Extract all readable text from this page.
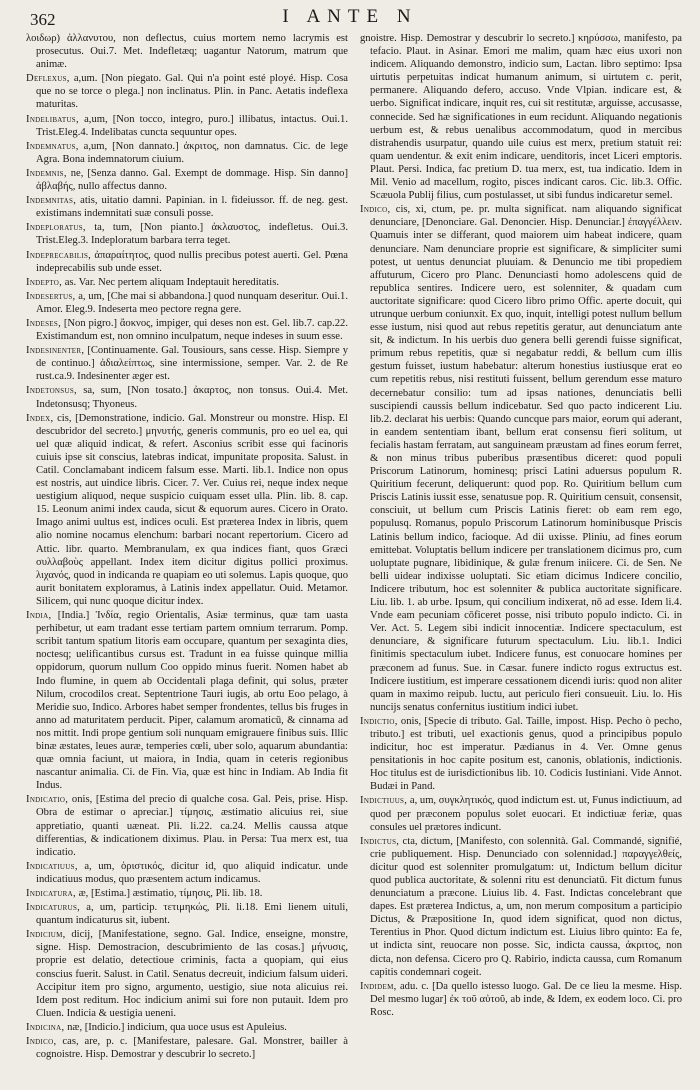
362	I ANTE N

λοιδωρ) ἀλλανυτου, non deflectus, cuius mortem nemo lacrymis est prosecutus. Oui.7. Met. Indefletæq; uagantur Natorum, matrum que animæ.

Deflexus, a,um. [Non piegato. Gal. Qui n'a point esté ployé. Hisp. Cosa que no se torce o plega.] non inclinatus. Plin. in Panc. Aetatis indeflexa maturitas.

Indelibatus, a,um, [Non tocco, integro, puro.] illibatus, intactus. Oui.1. Trist.Eleg.4. Indelibatas cuncta sequuntur opes.

Indemnatus, a,um, [Non dannato.] ἀκριτος, non damnatus. Cic. de lege Agra. Bona indemnatorum ciuium.

Indemnis, ne, [Senza danno. Gal. Exempt de dommage. Hisp. Sin danno] ἀβλαβής, nullo affectus danno.

Indemnitas, atis, uitatio damni. Papinian. in l. fideiussor. ff. de neg. gest. existimans indemnitati suæ consuli posse.

Indeploratus, ta, tum, [Non pianto.] ἀκλαυστος, indefletus. Oui.3. Trist.Eleg.3. Indeploratum barbara terra teget.

Indeprecabilis, ἀπαραίτητος, quod nullis precibus potest auerti. Gel. Pœna indeprecabilis sub unde esset.

Indepto, as. Var. Nec pertem aliquam Indeptauit hereditatis.

Indesertus, a, um, [Che mai si abbandona.] quod nunquam deseritur. Oui.1. Amor. Eleg.9. Indeserta meo pectore regna gere.

Indeses, [Non pigro.] ἄοκνος, impiger, qui deses non est. Gel. lib.7. cap.22. Existimandum est, non omnino inculpatum, neque indeses in suum esse.

Indesinenter, [Continuamente. Gal. Tousiours, sans cesse. Hisp. Siempre y de continuo.] ἀδιαλείπτως, sine intermissione, semper. Var. 2. de Re rust.ca.9. Indesinenter æger est.

Indetonsus, sa, sum, [Non tosato.] ἀκαρτος, non tonsus. Oui.4. Met. Indetonsusq; Thyoneus.

Index, cis, [Demonstratione, indicio. Gal. Monstreur ou monstre. Hisp. El descubridor del secreto.] μηνυτής, generis communis, pro eo uel ea, qui uel quæ aliquid indicat, & refert. Asconius scribit esse qui facinoris cuiuis ipse sit conscius, latebras indicat, impunitate proposita. Salust. in Catil. Conclamabant indicem falsum esse. Marti. lib.1. Indice non opus est nostris, aut uindice libris. Cicer. 7. Ver. Cuius rei, neque index neque uestigium aliquod, neque suspicio cuiquam esset ulla. Plin. lib. 8. cap. 15. Leonum animi index cauda, sicut & equorum aures. Cicero in Orato. Imago animi uultus est, indices oculi. Est præterea Index in libris, quem alio nomine nocamus elenchum: barbari nocant repertorium. Cicero ad Attic. libr. quarto. Membranulam, ex qua indices fiant, quos Græci συλλαβοὺς appellant. Index item dicitur digitus pollici proximus. λιχανός, quod in indicanda re quapiam eo uti solemus. Lapis quoque, quo aurit bonitatem exploramus, à Latinis index appellatur. Ouid. Metamor. Silicem, qui nunc quoque dicitur index.

India, [India.] Ἰνδία, regio Orientalis, Asiæ terminus, quæ tam uasta perhibetur, ut eam tradant esse tertiam partem omnium terrarum. Pomp. scribit tantum spatium litoris eam occupare, quantum per sexaginta dies, noctesq; uelificantibus cursus est. Tradunt in ea fuisse quinque millia oppidorum, quorum nullum Coo oppido minus fuerit. Nomen habet ab Indo flumine, in quem ab Occidentali plaga definit, qui solus, præter Nilum, crocodilos creat. Septentrione Tauri iugis, ab ortu Eoo pelago, à Meridie suo, Indico. Arbores habet semper frondentes, tellus bis fruges in anno ad maturitatem perducit. Piper, calamum aromaticū, & cinnama ad nos mittit. Indi prope gentium soli nunquam emigrauere finibus suis. Illic binæ æstates, leues auræ, temperies cœli, uber solo, aquarum abundantia: quæ omnia faciunt, ut maiora, in India, quam in ceteris regionibus nascantur animalia. Ci. de Fin. Via, quæ est hinc in Indiam. Ab India fit Indus.

Indicatio, onis, [Estima del precio di qualche cosa. Gal. Peis, prise. Hisp. Obra de estimar o apreciar.] τίμησις, æstimatio alicuius rei, siue appretiatio, quanti uæneat. Pli. li.22. ca.24. Mellis caussa atque differentias, & indicationem diximus. Plau. in Persa: Tua merx est, tua indicatio.

Indicatiuus, a, um, ὁριστικός, dicitur id, quo aliquid indicatur. unde indicatiuus modus, quo præsentem actum indicamus.

Indicatura, æ, [Estima.] æstimatio, τίμησις, Pli. lib. 18.

Indicaturus, a, um, particip. τετιμηκώς, Pli. li.18. Emi lienem uituli, quantum indicaturus sit, iubent.

Indicium, dicij, [Manifestatione, segno. Gal. Indice, enseigne, monstre, signe. Hisp. Demostracion, descubrimiento de las cosas.] μήνυσις, proprie est delatio, detectioue criminis, facta a quopiam, qui eius conscius fuerit. Salust. in Catil. Senatus decreuit, indicium falsum uideri. Accipitur item pro signo, argumento, uestigio, siue nota alicuius rei. Idem post reditum. Hoc indicium animi sui fore non putauit. Idem pro Cluen. Indicia & uestigia ueneni.

Indicina, næ, [Indicio.] indicium, qua uoce usus est Apuleius.

Indico, cas, are, p. c. [Manifestare, palesare. Gal. Monstrer, bailler à cognoistre. Hisp. Demostrar y descubrir lo secreto.]

gnoistre. Hisp. Demostrar y descubrir lo secreto.] κηρύσσω, manifesto, pa tefacio. Plaut. in Asinar. Emori me malim, quam hæc eius uxori non indicem. Aliquando demonstro, indicio sum, Lactan. libro septimo: Ipsa uirtutis perpetuitas indicat humanum animum, si uirtutem c. perit, permanere. Aliquando defero, accuso. Vnde Vlpian. indicare est, & uerbo. Significat indicare, inquit res, cui sit restitutæ, arguisse, accusasse, connecide. Sed hæ significationes in eum recidunt. Aliquando negationis uerbum est, & rebus uenalibus accommodatum, quod in mercibus distrahendis usurpatur, quando uile cuius est merx, pretium statuit rei: quam uendentur. & exit enim indicare, uenditoris, incet Liceri emptoris. Plaut. Persi. Indica, fac pretium D. tua merx, est, tua indicatio. Idem in Mil. Venio ad macellum, rogito, pisces indicant caros. Cic. lib.3. Offic. Scæuola Publij filius, cum postulasset, ut sibi fundus indicaretur semel.

Indico, cis, xi, ctum, pe. pr. multa significat. nam aliquando significat denunciare, [Denonciare. Gal. Denoncier. Hisp. Denunciar.] ἐπαγγέλλειν. Quamuis inter se differant, quod maiorem uim habeat indicere, quam denunciare. Nam denunciare proprie est significare, & simpliciter sumi potest, ut uentus denunciat pluuiam. & Denuncio me tibi propediem affuturum, Cicero pro Planc. Denunciasti homo adolescens quid de republica sentires. Indicere uero, est solenniter, & quadam cum auctoritate significare: quod Cicero libro primo Offic. aperte docuit, qui utrunque uerbum coniunxit. Ex quo, inquit, intelligi potest nullum bellum esse iustum, nisi quod aut rebus repetitis geratur, aut denunciatum ante sit, & indictum. In his uerbis duo genera belli gerendi fuisse significat, primum rebus repetitis, quæ si negabatur reddi, & bellum cum illis gestum fuisset, iustum habebatur: alterum honestius iustiusque erat eo cum repetitis rebus, nisi restituti fuissent, bellum gerendum esse maturo decernebatur consilio: tum ad ipsas nationes, denunciatis belli suscipiendi caussis bellum indicebatur. Sed quo pacto indicerent Liu. lib.2. declarat his uerbis: Quando cuncque pars maior, eorum qui aderant, in eandem sententiam ibant, bellum erat consensu fieri solitum, ut fecialis hastam ferratam, aut sanguineam præustam ad fines eorum ferret, & non minus tribus puberibus præsentibus diceret: quod populi Priscorum Latinorum, hominesq; prisci Latini aduersus populum R. Quiritium fecerunt, deliquerunt: quod pop. Ro. Quiritium bellum cum Priscis Latinis iussit esse, senatusue pop. R. Quiritium censuit, consensit, consciuit, ut bellum cum Priscis Latinis fieret: ob eam rem ego, populusq. Romanus, populo Priscorum Latinorum hominibusque Priscis Latinis bellum indico, facioque. Ad dii uxisse. Pliniu, ad fines eorum emittebat. Voluptatis bellum indicere per translationem dicimus pro, cum uoluptate pugnare, libidinique, & gulæ frenum iniicere. Ci. de Sen. Ne belli uidear indixisse uoluptati. Sic etiam dicimus Indicere concilio, Indicere tributum, hoc est solenniter & publica auctoritate significare. Liu. lib. 1. ab urbe. Ipsum, qui concilium indixerat, nō ad esse. Idem li.4. Vnde eam pecuniam cōficeret posse, nisi tributo populo indicto. Ci. in Ver. Act. 5. Legem sibi indicit innocentiæ. Indicere spectaculum, est denunciare, & significare futurum spectaculum. Liu. lib.1. Indici finitimis spectaculum iubet. Indicere funus, est conuocare homines per præconem ad funus. Sue. in Cæsar. funere indicto rogus extructus est. Indicere iustitium, est imperare cessationem dicendi iuris: quod non aliter quam in maximo reipub. luctu, aut periculo fieri consueuit. Liu. lo. His nuncijs senatus confernitus iustitium indici iubet.

Indictio, onis, [Specie di tributo. Gal. Taille, impost. Hisp. Pecho ò pecho, tributo.] est tributi, uel exactionis genus, quod a principibus populo indicitur, hoc est imperatur. Pædianus in 4. Ver. Omne genus pensitationis in hoc capite positum est, canonis, oblationis, indictionis. Hoc titulus est de iurisdictionibus lib. 10. Codicis Iustiniani. Vide Annot. Budæi in Pand.

Indictiuus, a, um, συγκλητικός, quod indictum est. ut, Funus indictiuum, ad quod per præconem populus solet euocari. Et indictiuæ feriæ, quas consules uel prætores indicunt.

Indictus, cta, dictum, [Manifesto, con solennità. Gal. Commandé, signifié, crie publiquement. Hisp. Denunciado con solennidad.] παραγγελθείς, dicitur quod est solenniter promulgatum: ut, Indictum bellum dicitur quod publica auctoritate, & solenni ritu est denunciatū. Fit dictum funus denunciatum a præcone. Liuius lib. 4. Fast. Indictas concelebrant que dapes. Est præterea Indictus, a, um, non merum compositum a participio Dictus, & Præpositione In, quod idem significat, quod non dictus, Terentius in Phor. Quod dictum indictum est. Liuius libro quinto: Ea fe, ut indicta sint, reuocare non posse. Sic, indicta caussa, ἀκριτος, non dicta, non defensa. Cicero pro Q. Rabirio, indicta caussa, cum Romanum capitis condemnari cogeit.

Indidem, adu. c. [Da quello istesso luogo. Gal. De ce lieu la mesme. Hisp. Del mesmo lugar] ἐκ τοῦ αὐτοῦ, ab inde, & Idem, ex eodem loco. Ci. pro Rosc.
